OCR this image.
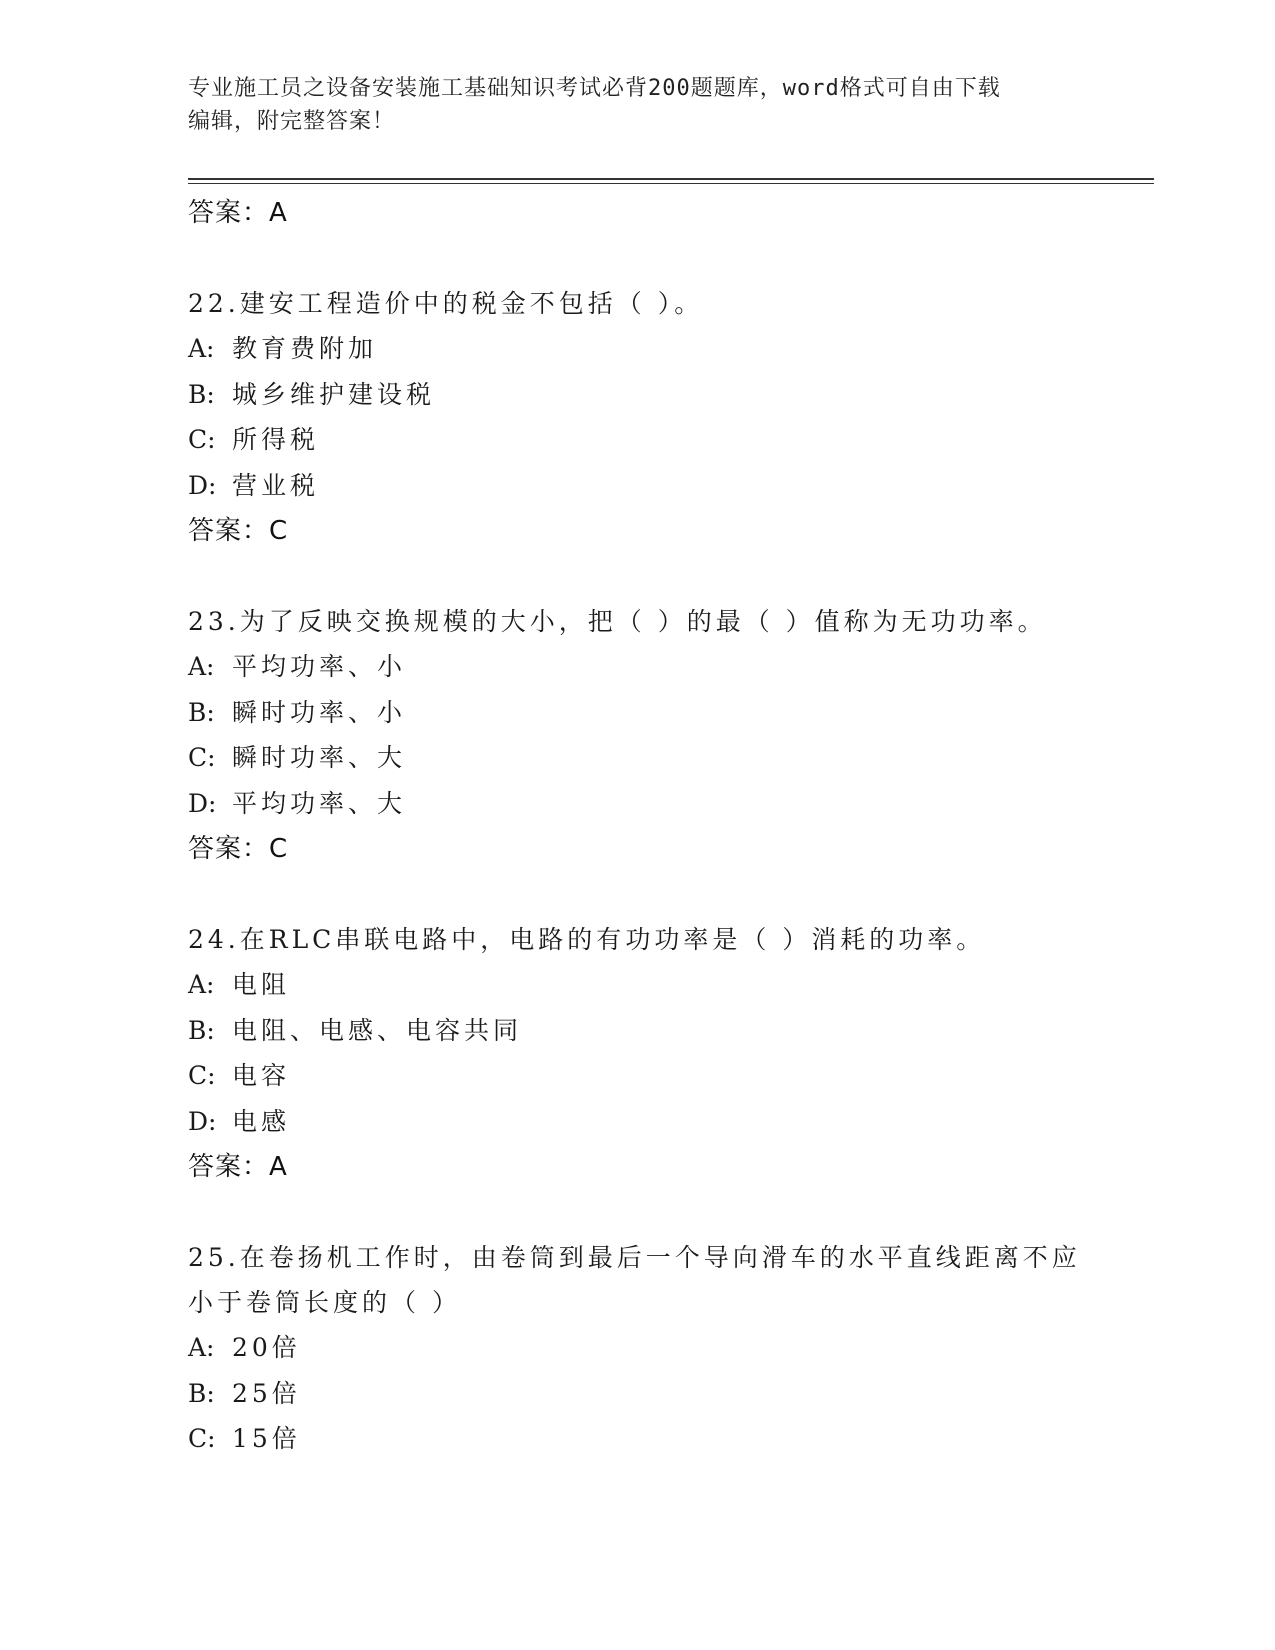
专业施工员之设备安装施工基础知识考试必背200题题库，word格式可自由下载
编辑，附完整答案！
答案：A
22.建安工程造价中的税金不包括（ ）。
A: 教育费附加
B: 城乡维护建设税
C: 所得税
D: 营业税
答案：C
23.为了反映交换规模的大小，把（ ）的最（ ）值称为无功功率。
A: 平均功率、小
B: 瞬时功率、小
C: 瞬时功率、大
D: 平均功率、大
答案：C
24.在RLC串联电路中，电路的有功功率是（ ）消耗的功率。
A: 电阻
B: 电阻、电感、电容共同
C: 电容
D: 电感
答案：A
25.在卷扬机工作时，由卷筒到最后一个导向滑车的水平直线距离不应
小于卷筒长度的（ ）
A: 20倍
B: 25倍
C: 15倍
